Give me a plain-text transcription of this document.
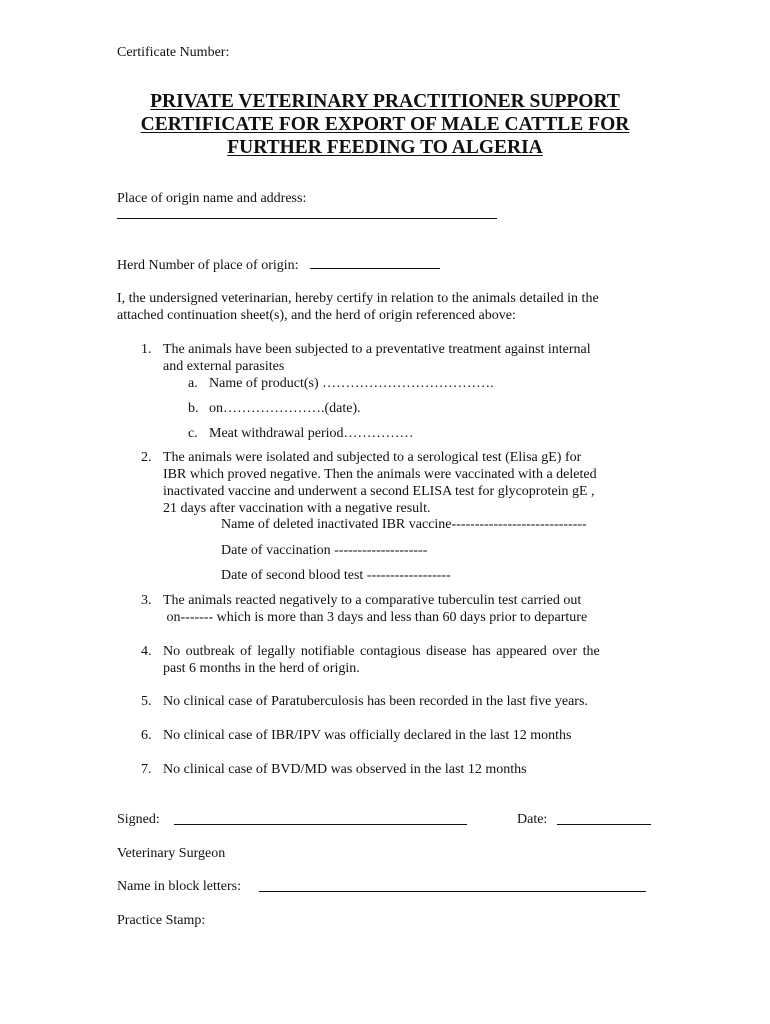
Certificate Number:
PRIVATE VETERINARY PRACTITIONER SUPPORT
CERTIFICATE FOR EXPORT OF MALE CATTLE FOR
FURTHER FEEDING TO ALGERIA
Place of origin name and address:
Herd Number of place of origin:
I, the undersigned veterinarian, hereby certify in relation to the animals detailed in the
attached continuation sheet(s), and the herd of origin referenced above:
1. The animals have been subjected to a preventative treatment against internal
and external parasites
a. Name of product(s) ……………………………….
b. on………………….(date).
c. Meat withdrawal period……………
2. The animals were isolated and subjected to a serological test (Elisa gE) for
IBR which proved negative. Then the animals were vaccinated with a deleted
inactivated vaccine and underwent a second ELISA test for glycoprotein gE ,
21 days after vaccination with a negative result.
Name of deleted inactivated IBR vaccine-----------------------------
Date of vaccination --------------------
Date of second blood test ------------------
3. The animals reacted negatively to a comparative tuberculin test carried out
on------- which is more than 3 days and less than 60 days prior to departure
4. No outbreak of legally notifiable contagious disease has appeared over the
past 6 months in the herd of origin.
5. No clinical case of Paratuberculosis has been recorded in the last five years.
6. No clinical case of IBR/IPV was officially declared in the last 12 months
7. No clinical case of BVD/MD was observed in the last 12 months
Signed:	Date:
Veterinary Surgeon
Name in block letters:
Practice Stamp:
